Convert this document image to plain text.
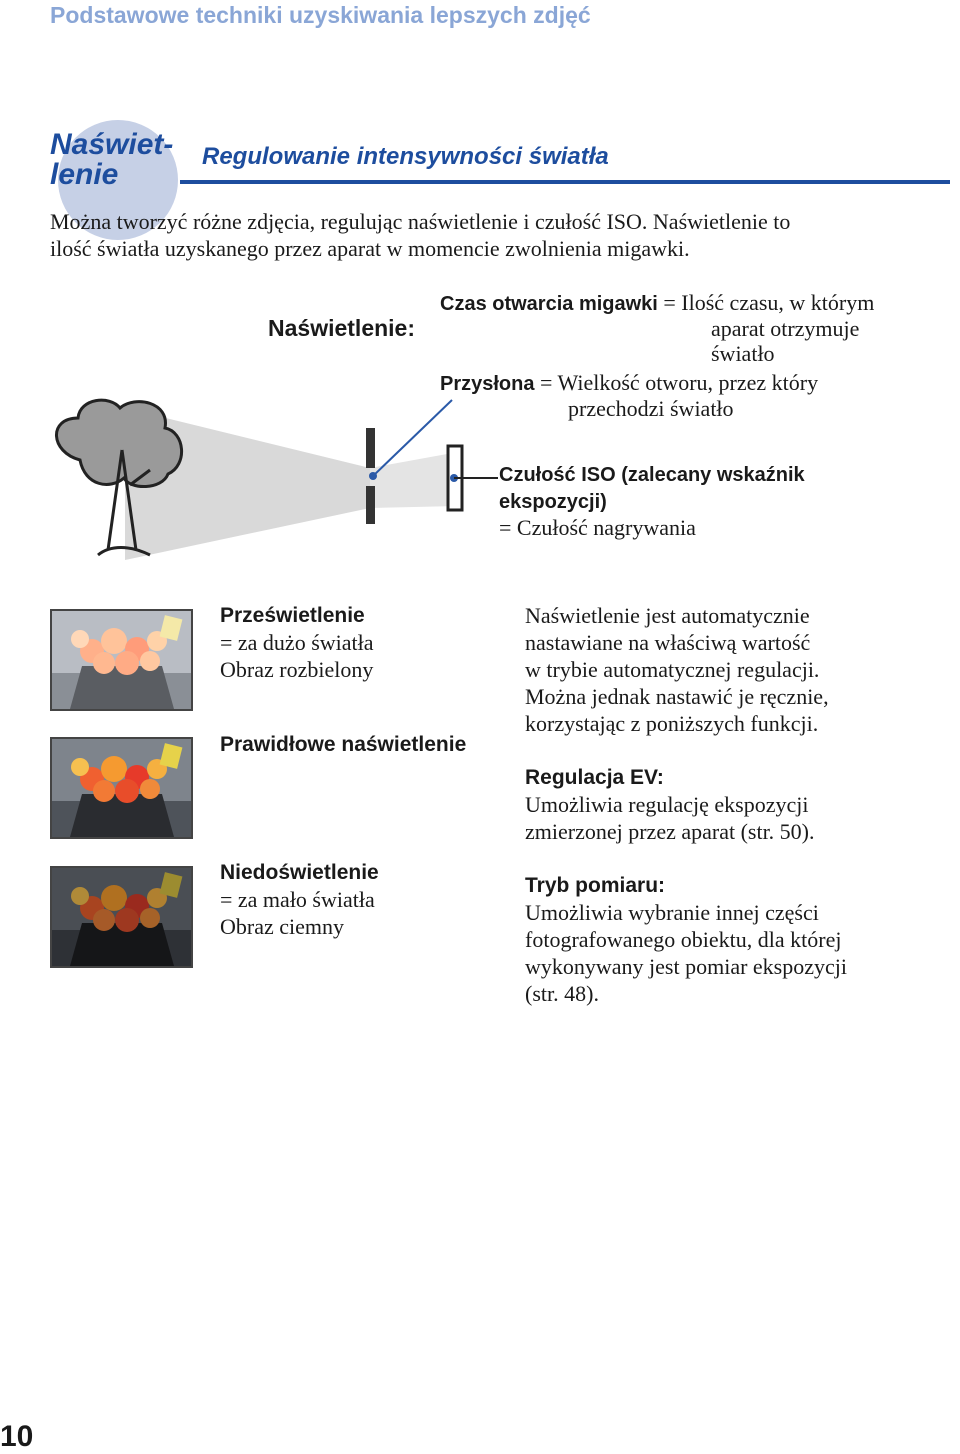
Podstawowe techniki uzyskiwania lepszych zdjęć
Naświet-
lenie
Regulowanie intensywności światła
Można tworzyć różne zdjęcia, regulując naświetlenie i czułość ISO. Naświetlenie to
ilość światła uzyskanego przez aparat w momencie zwolnienia migawki.
Naświetlenie:
Czas otwarcia migawki = Ilość czasu, w którym
aparat otrzymuje
światło
Przysłona = Wielkość otworu, przez który
przechodzi światło
Czułość ISO (zalecany wskaźnik
ekspozycji)
= Czułość nagrywania
Prześwietlenie
= za dużo światła
Obraz rozbielony
Prawidłowe naświetlenie
Niedoświetlenie
= za mało światła
Obraz ciemny
Naświetlenie jest automatycznie
nastawiane na właściwą wartość
w trybie automatycznej regulacji.
Można jednak nastawić je ręcznie,
korzystając z poniższych funkcji.
Regulacja EV:
Umożliwia regulację ekspozycji
zmierzonej przez aparat (str. 50).
Tryb pomiaru:
Umożliwia wybranie innej części
fotografowanego obiektu, dla której
wykonywany jest pomiar ekspozycji
(str. 48).
10
